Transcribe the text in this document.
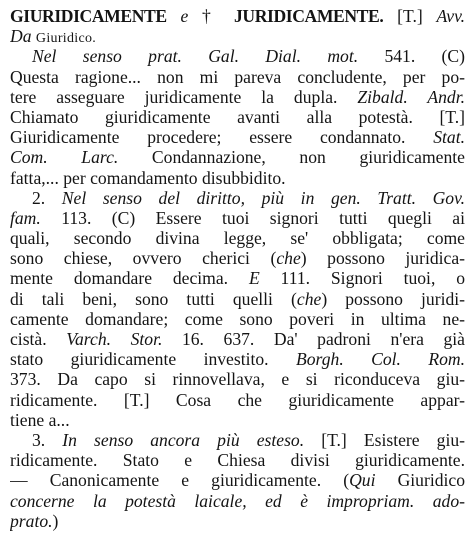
GIURIDICAMENTE e † JURIDICAMENTE. [T.] Avv.
Da Giuridico.
Nel senso prat. Gal. Dial. mot. 541. (C)
Questa ragione... non mi pareva concludente, per po-
tere asseguare juridicamente la dupla. Zibald. Andr.
Chiamato giuridicamente avanti alla potestà. [T.]
Giuridicamente procedere; essere condannato. Stat.
Com. Larc. Condannazione, non giuridicamente
fatta,... per comandamento disubbidito.
2. Nel senso del diritto, più in gen. Tratt. Gov.
fam. 113. (C) Essere tuoi signori tutti quegli ai
quali, secondo divina legge, se' obbligata; come
sono chiese, ovvero cherici (che) possono juridica-
mente domandare decima. E 111. Signori tuoi, o
di tali beni, sono tutti quelli (che) possono juridi-
camente domandare; come sono poveri in ultima ne-
cistà. Varch. Stor. 16. 637. Da' padroni n'era già
stato giuridicamente investito. Borgh. Col. Rom.
373. Da capo si rinnovellava, e si riconduceva giu-
ridicamente. [T.] Cosa che giuridicamente appar-
tiene a...
3. In senso ancora più esteso. [T.] Esistere giu-
ridicamente. Stato e Chiesa divisi giuridicamente.
— Canonicamente e giuridicamente. (Qui Giuridico
concerne la potestà laicale, ed è impropriam. ado-
prato.)
